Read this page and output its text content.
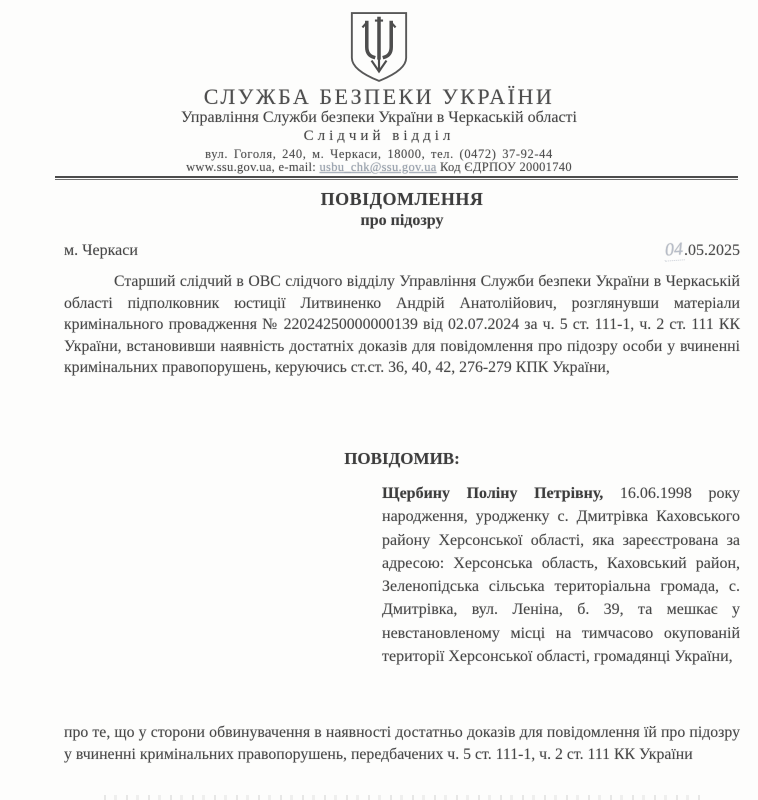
СЛУЖБА БЕЗПЕКИ УКРАЇНИ
Управління Служби безпеки України в Черкаській області
Слідчий відділ
вул. Гоголя, 240, м. Черкаси, 18000, тел. (0472) 37-92-44
www.ssu.gov.ua, e-mail: usbu_chk@ssu.gov.ua Код ЄДРПОУ 20001740
ПОВІДОМЛЕННЯ
про підозру
м. Черкаси	04.05.2025
Старший слідчий в ОВС слідчого відділу Управління Служби безпеки України в Черкаській області підполковник юстиції Литвиненко Андрій Анатолійович, розглянувши матеріали кримінального провадження № 22024250000000139 від 02.07.2024 за ч. 5 ст. 111-1, ч. 2 ст. 111 КК України, встановивши наявність достатніх доказів для повідомлення про підозру особи у вчиненні кримінальних правопорушень, керуючись ст.ст. 36, 40, 42, 276-279 КПК України,
ПОВІДОМИВ:
Щербину Поліну Петрівну, 16.06.1998 року народження, уродженку с. Дмитрівка Каховського району Херсонської області, яка зареєстрована за адресою: Херсонська область, Каховський район, Зеленопідська сільська територіальна громада, с. Дмитрівка, вул. Леніна, б. 39, та мешкає у невстановленому місці на тимчасово окупованій території Херсонської області, громадянці України,
про те, що у сторони обвинувачення в наявності достатньо доказів для повідомлення їй про підозру у вчиненні кримінальних правопорушень, передбачених ч. 5 ст. 111-1, ч. 2 ст. 111 КК України
